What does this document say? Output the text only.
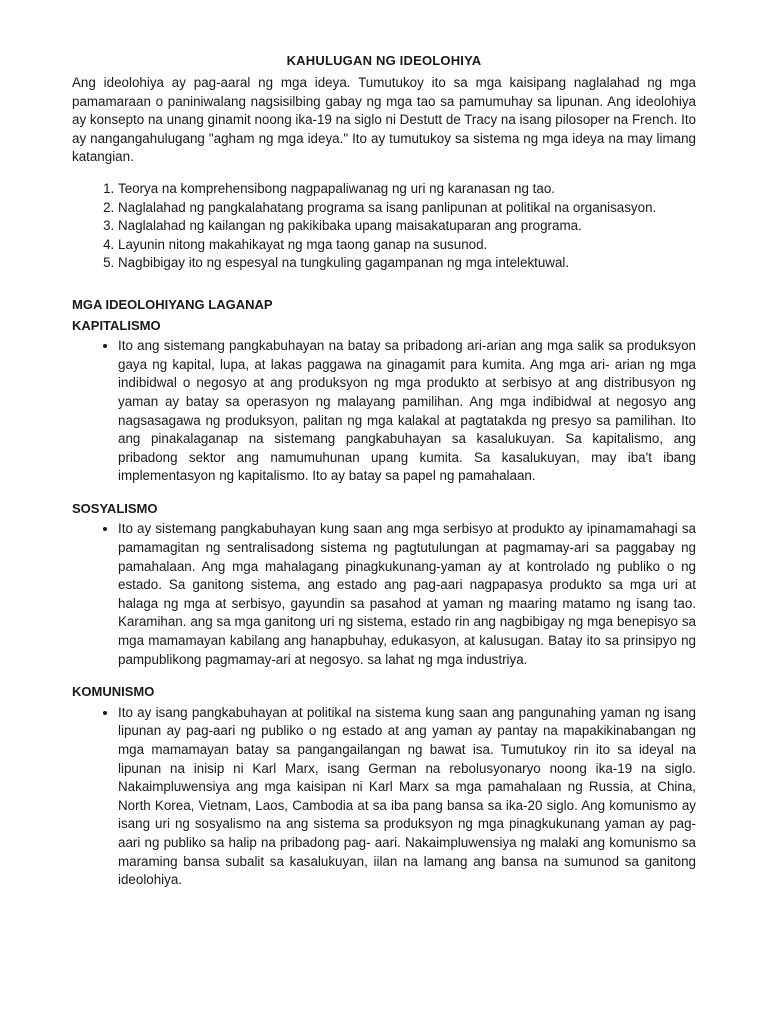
KAHULUGAN NG IDEOLOHIYA

Ang ideolohiya ay pag-aaral ng mga ideya. Tumutukoy ito sa mga kaisipang naglalahad ng mga pamamaraan o paniniwalang nagsisilbing gabay ng mga tao sa pamumuhay sa lipunan. Ang ideolohiya ay konsepto na unang ginamit noong ika-19 na siglo ni Destutt de Tracy na isang pilosoper na French. Ito ay nangangahulugang "agham ng mga ideya." Ito ay tumutukoy sa sistema ng mga ideya na may limang katangian.

1. Teorya na komprehensibong nagpapaliwanag ng uri ng karanasan ng tao.
2. Naglalahad ng pangkalahatang programa sa isang panlipunan at politikal na organisasyon.
3. Naglalahad ng kailangan ng pakikibaka upang maisakatuparan ang programa.
4. Layunin nitong makahikayat ng mga taong ganap na susunod.
5. Nagbibigay ito ng espesyal na tungkuling gagampanan ng mga intelektuwal.
MGA IDEOLOHIYANG LAGANAP
KAPITALISMO
• Ito ang sistemang pangkabuhayan na batay sa pribadong ari-arian ang mga salik sa produksyon gaya ng kapital, lupa, at lakas paggawa na ginagamit para kumita. Ang mga ari- arian ng mga indibidwal o negosyo at ang produksyon ng mga produkto at serbisyo at ang distribusyon ng yaman ay batay sa operasyon ng malayang pamilihan. Ang mga indibidwal at negosyo ang nagsasagawa ng produksyon, palitan ng mga kalakal at pagtatakda ng presyo sa pamilihan. Ito ang pinakalaganap na sistemang pangkabuhayan sa kasalukuyan. Sa kapitalismo, ang pribadong sektor ang namumuhunan upang kumita. Sa kasalukuyan, may iba't ibang implementasyon ng kapitalismo. Ito ay batay sa papel ng pamahalaan.
SOSYALISMO
• Ito ay sistemang pangkabuhayan kung saan ang mga serbisyo at produkto ay ipinamamahagi sa pamamagitan ng sentralisadong sistema ng pagtutulungan at pagmamay-ari sa paggabay ng pamahalaan. Ang mga mahalagang pinagkukunang-yaman ay at kontrolado ng publiko o ng estado. Sa ganitong sistema, ang estado ang pag-aari nagpapasya produkto sa mga uri at halaga ng mga at serbisyo, gayundin sa pasahod at yaman ng maaring matamo ng isang tao. Karamihan. ang sa mga ganitong uri ng sistema, estado rin ang nagbibigay ng mga benepisyo sa mga mamamayan kabilang ang hanapbuhay, edukasyon, at kalusugan. Batay ito sa prinsipyo ng pampublikong pagmamay-ari at negosyo. sa lahat ng mga industriya.
KOMUNISMO
• Ito ay isang pangkabuhayan at politikal na sistema kung saan ang pangunahing yaman ng isang lipunan ay pag-aari ng publiko o ng estado at ang yaman ay pantay na mapakikinabangan ng mga mamamayan batay sa pangangailangan ng bawat isa. Tumutukoy rin ito sa ideyal na lipunan na inisip ni Karl Marx, isang German na rebolusyonaryo noong ika-19 na siglo. Nakaimpluwensiya ang mga kaisipan ni Karl Marx sa mga pamahalaan ng Russia, at China, North Korea, Vietnam, Laos, Cambodia at sa iba pang bansa sa ika-20 siglo. Ang komunismo ay isang uri ng sosyalismo na ang sistema sa produksyon ng mga pinagkukunang yaman ay pag-aari ng publiko sa halip na pribadong pag- aari. Nakaimpluwensiya ng malaki ang komunismo sa maraming bansa subalit sa kasalukuyan, iilan na lamang ang bansa na sumunod sa ganitong ideolohiya.
